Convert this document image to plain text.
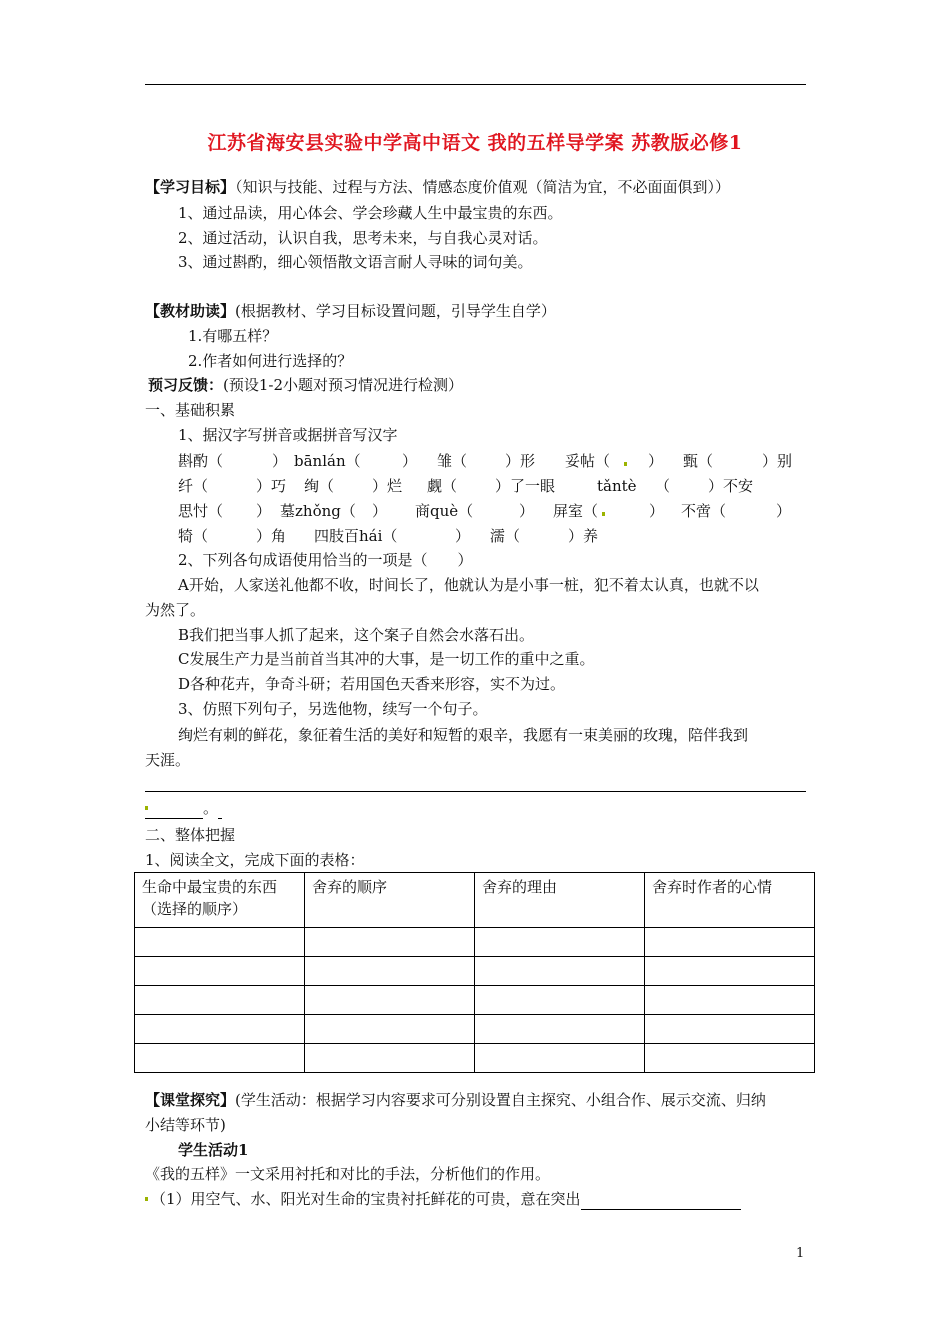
江苏省海安县实验中学高中语文 我的五样导学案 苏教版必修1
【学习目标】（知识与技能、过程与方法、情感态度价值观（简洁为宜，不必面面俱到））
1、通过品读，用心体会、学会珍藏人生中最宝贵的东西。
2、通过活动，认识自我，思考未来，与自我心灵对话。
3、通过斟酌，细心领悟散文语言耐人寻味的词句美。
【教材助读】(根据教材、学习目标设置问题，引导学生自学）
1.有哪五样？
2.作者如何进行选择的？
预习反馈：(预设1-2小题对预习情况进行检测）
一、基础积累
1、据汉字写拼音或据拼音写汉字
斟酌（	） bānlán（	） 雏（	）形 妥帖（	） 甄（	）别
纤（	）巧 绚（	）烂 觑（	）了一眼	tǎntè （	）不安
思忖（ ） 墓zhǒng（ ） 商què（	） 屏室（	） 不啻（	）
犄（	）角 四肢百hái（	） 濡（	）养
2、下列各句成语使用恰当的一项是（　　）
A开始，人家送礼他都不收，时间长了，他就认为是小事一桩，犯不着太认真，也就不以
为然了。
B我们把当事人抓了起来，这个案子自然会水落石出。
C发展生产力是当前首当其冲的大事，是一切工作的重中之重。
D各种花卉，争奇斗研；若用国色天香来形容，实不为过。
3、仿照下列句子，另选他物，续写一个句子。
绚烂有刺的鲜花，象征着生活的美好和短暂的艰辛，我愿有一束美丽的玫瑰，陪伴我到
天涯。
。
二、整体把握
1、阅读全文，完成下面的表格：
生命中最宝贵的东西（选择的顺序）	舍弃的顺序	舍弃的理由	舍弃时作者的心情

【课堂探究】(学生活动：根据学习内容要求可分别设置自主探究、小组合作、展示交流、归纳
小结等环节)
学生活动1
《我的五样》一文采用衬托和对比的手法，分析他们的作用。
（1）用空气、水、阳光对生命的宝贵衬托鲜花的可贵，意在突出
1
